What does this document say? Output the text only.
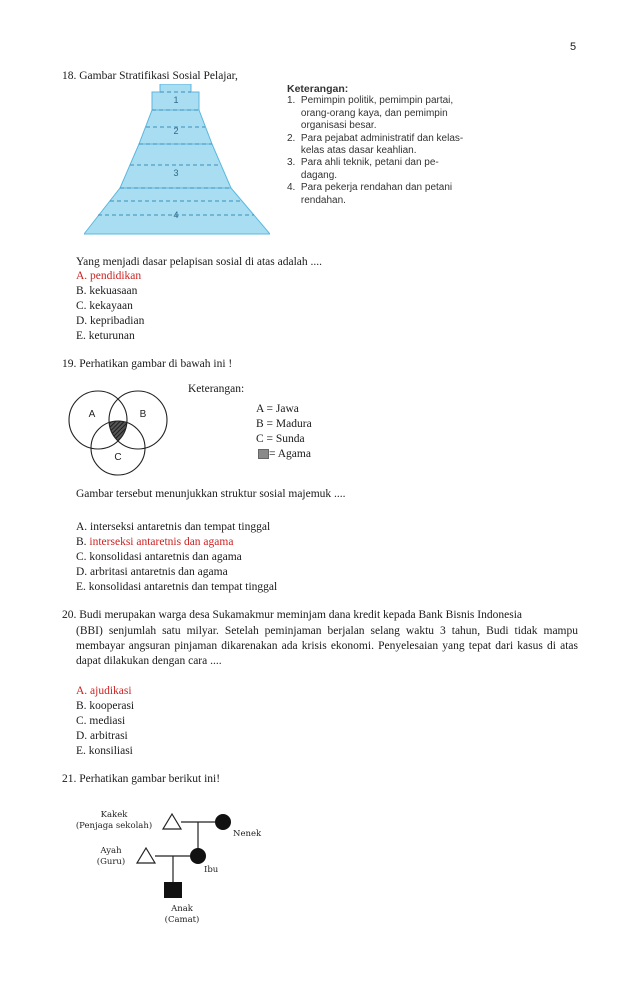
5
18. Gambar Stratifikasi Sosial Pelajar,
1
2
3
4
Keterangan:
1.  Pemimpin politik, pemimpin partai,
orang-orang kaya, dan pemimpin
organisasi besar.
2.  Para pejabat administratif dan kelas-
kelas atas dasar keahlian.
3.  Para ahli teknik, petani dan pe-
dagang.
4.  Para pekerja rendahan dan petani
rendahan.
Yang menjadi dasar pelapisan sosial di atas adalah ....
A. pendidikan
B. kekuasaan
C. kekayaan
D. kepribadian
E. keturunan
19. Perhatikan gambar di bawah ini !
A	B
C
Keterangan:
A = Jawa
B = Madura
C = Sunda
= Agama
Gambar tersebut menunjukkan struktur sosial majemuk ....
A. interseksi antaretnis dan tempat tinggal
B. interseksi antaretnis dan agama
C. konsolidasi antaretnis dan agama
D. arbritasi antaretnis dan agama
E. konsolidasi antaretnis dan tempat tinggal
20. Budi merupakan warga desa Sukamakmur meminjam dana kredit kepada Bank Bisnis Indonesia
(BBI) senjumlah satu milyar. Setelah peminjaman berjalan selang waktu 3 tahun, Budi tidak mampu membayar angsuran pinjaman dikarenakan ada krisis ekonomi. Penyelesaian yang tepat dari kasus di atas dapat dilakukan dengan cara ....
A. ajudikasi
B. kooperasi
C. mediasi
D. arbitrasi
E. konsiliasi
21. Perhatikan gambar berikut ini!
Kakek
(Penjaga sekolah)
Nenek
Ayah
(Guru)
Ibu
Anak
(Camat)
